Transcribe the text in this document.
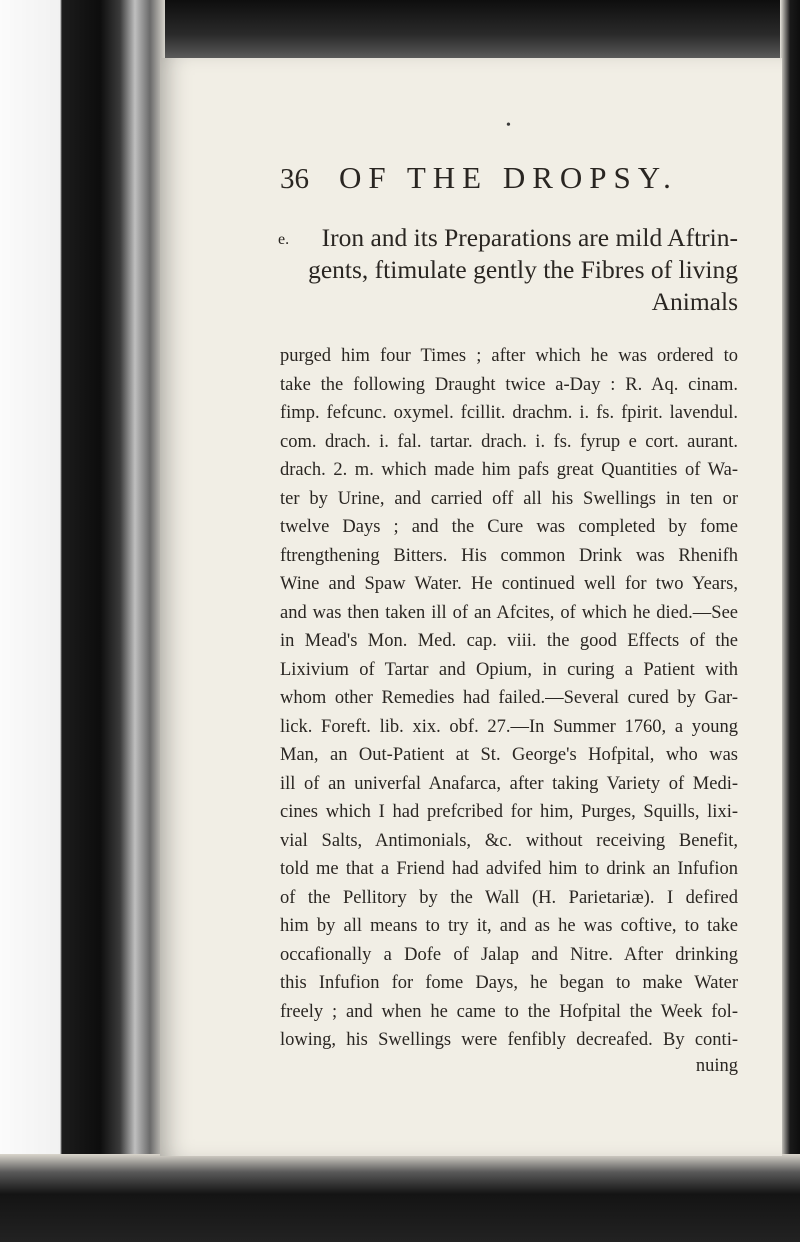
•
36 OF THE DROPSY.
e.	Iron and its Preparations are mild Aftrin-
gents, ftimulate gently the Fibres of living
Animals
purged him four Times ; after which he was ordered to
take the following Draught twice a-Day : R. Aq. cinam.
fimp. fefcunc. oxymel. fcillit. drachm. i. fs. fpirit. lavendul.
com. drach. i. fal. tartar. drach. i. fs. fyrup e cort. aurant.
drach. 2. m. which made him pafs great Quantities of Wa-
ter by Urine, and carried off all his Swellings in ten or
twelve Days ; and the Cure was completed by fome
ftrengthening Bitters. His common Drink was Rhenifh
Wine and Spaw Water. He continued well for two Years,
and was then taken ill of an Afcites, of which he died.—See
in Mead's Mon. Med. cap. viii. the good Effects of the
Lixivium of Tartar and Opium, in curing a Patient with
whom other Remedies had failed.—Several cured by Gar-
lick. Foreft. lib. xix. obf. 27.—In Summer 1760, a young
Man, an Out-Patient at St. George's Hofpital, who was
ill of an univerfal Anafarca, after taking Variety of Medi-
cines which I had prefcribed for him, Purges, Squills, lixi-
vial Salts, Antimonials, &c. without receiving Benefit,
told me that a Friend had advifed him to drink an Infufion
of the Pellitory by the Wall (H. Parietariæ). I defired
him by all means to try it, and as he was coftive, to take
occafionally a Dofe of Jalap and Nitre. After drinking
this Infufion for fome Days, he began to make Water
freely ; and when he came to the Hofpital the Week fol-
lowing, his Swellings were fenfibly decreafed. By conti-
nuing
